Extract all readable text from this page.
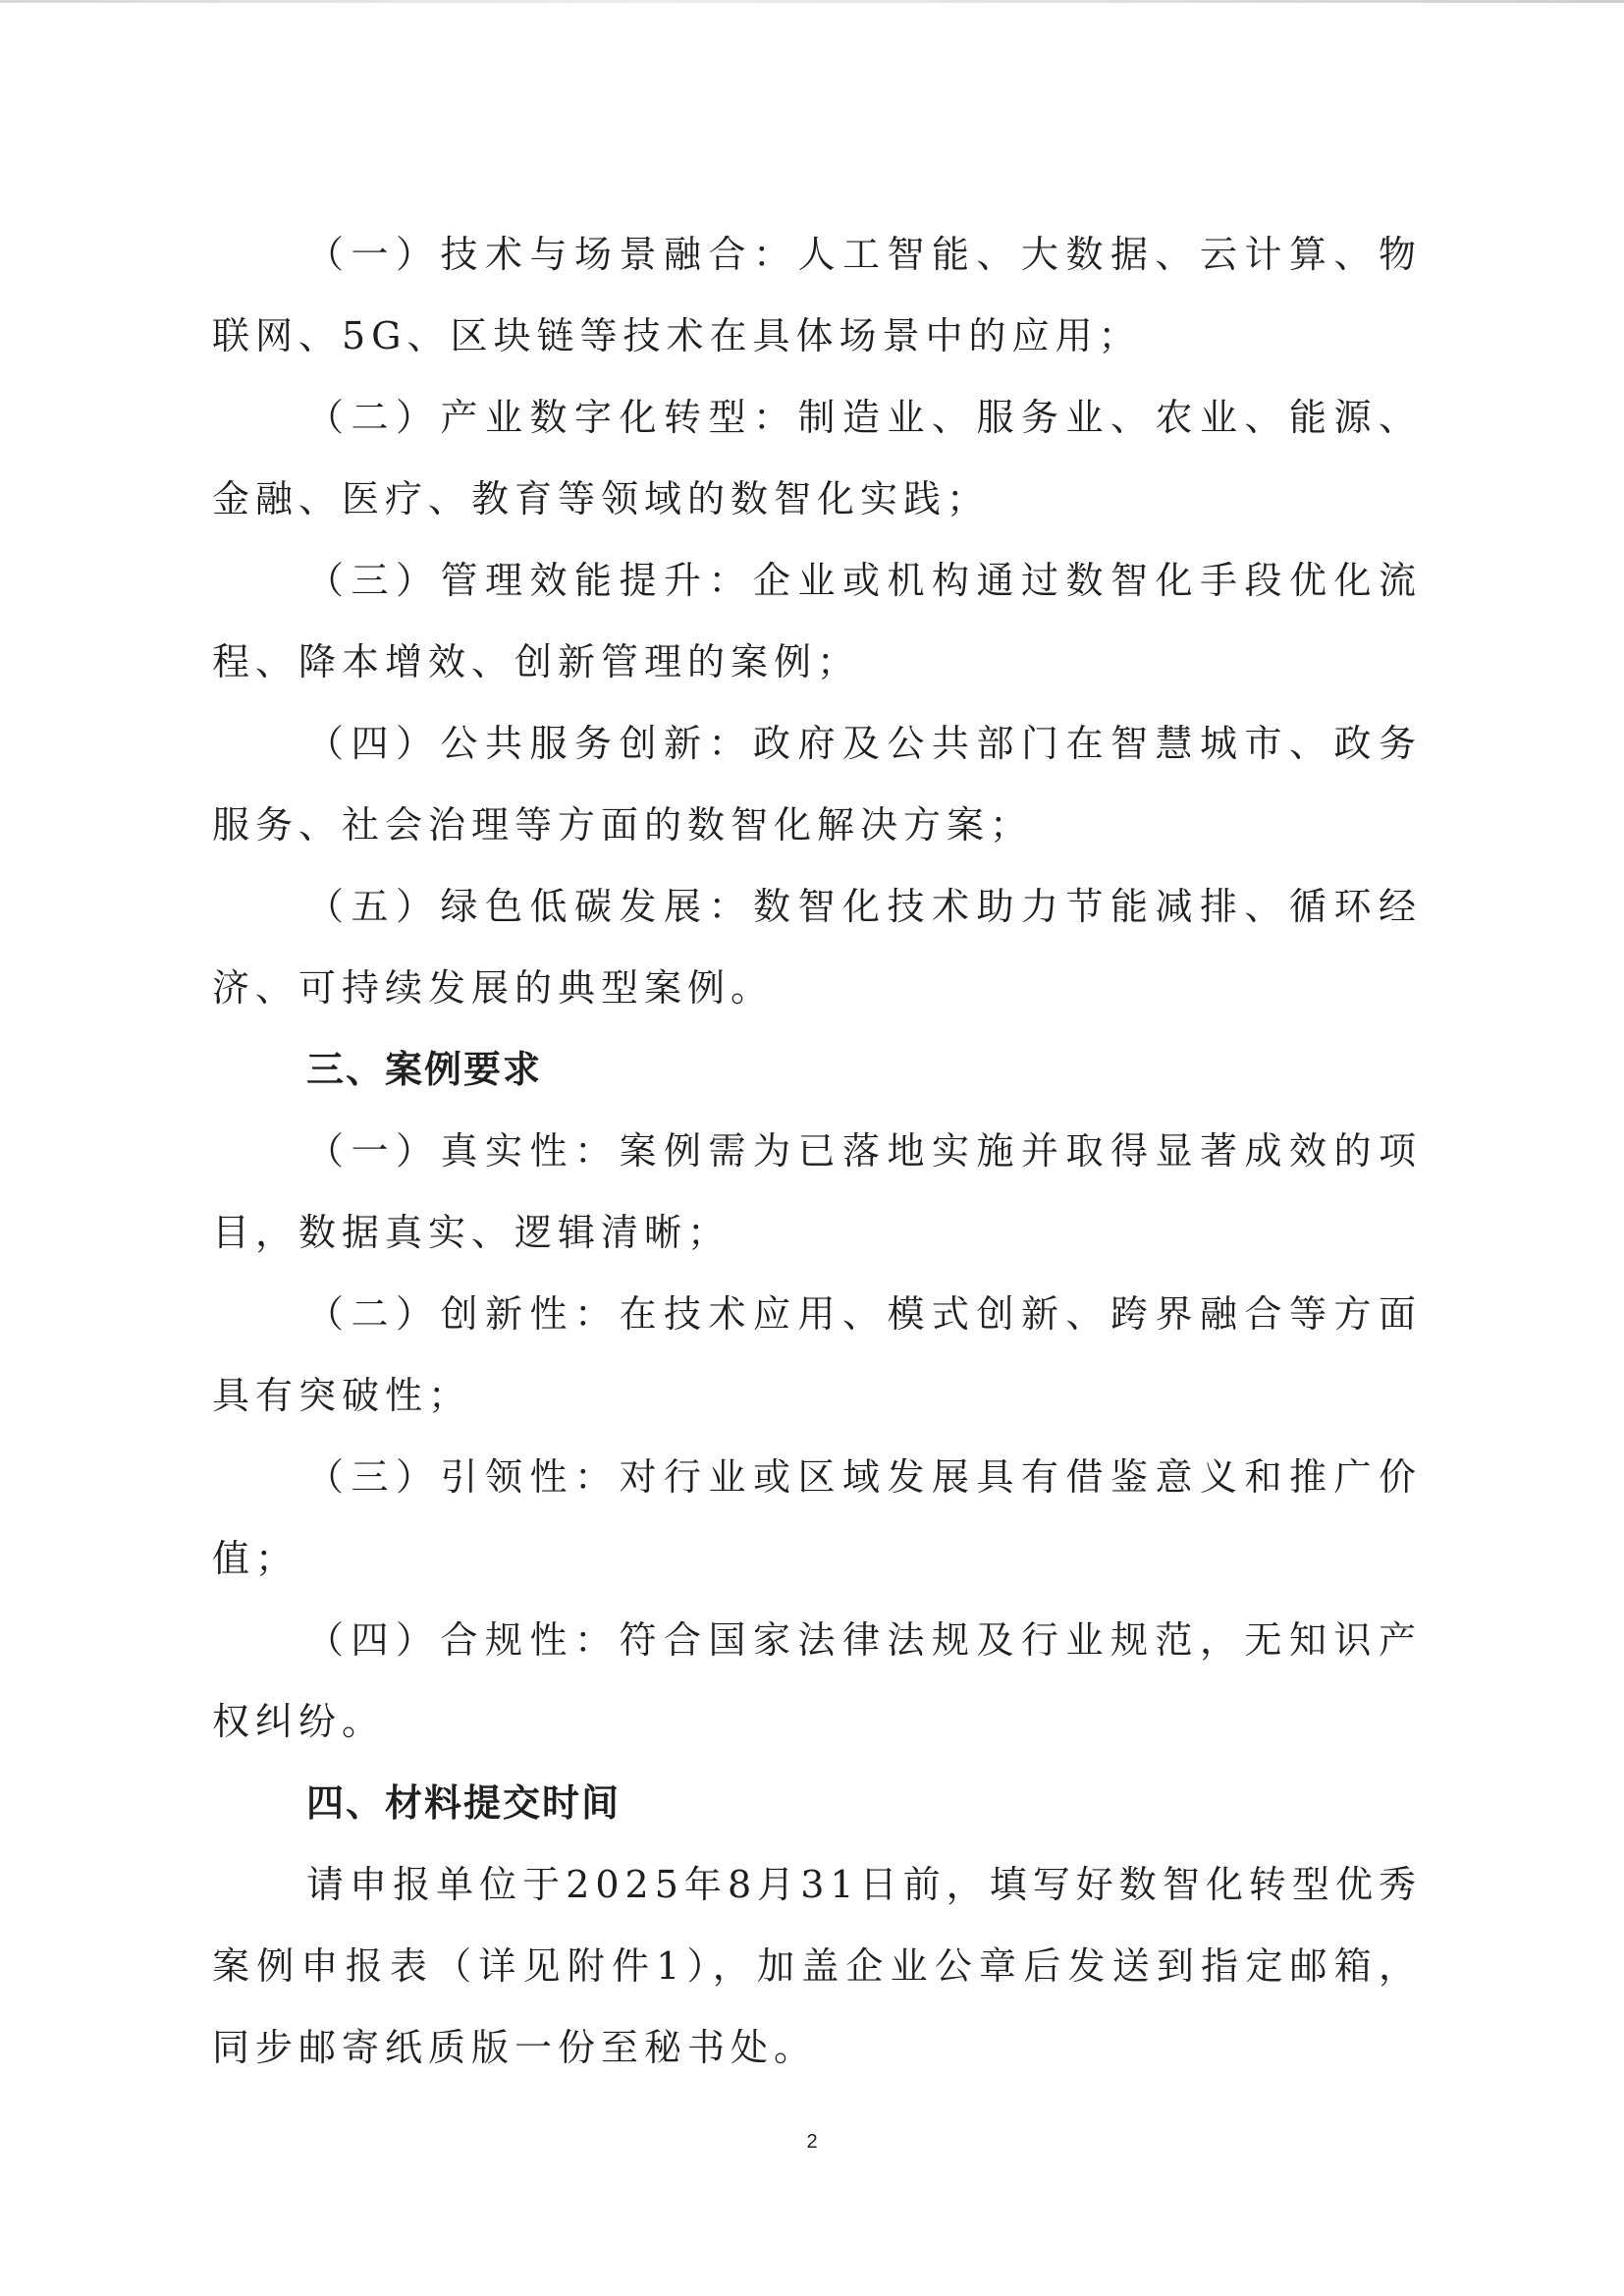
（一）技术与场景融合：人工智能、大数据、云计算、物联网、5G、区块链等技术在具体场景中的应用；

（二）产业数字化转型：制造业、服务业、农业、能源、金融、医疗、教育等领域的数智化实践；

（三）管理效能提升：企业或机构通过数智化手段优化流程、降本增效、创新管理的案例；

（四）公共服务创新：政府及公共部门在智慧城市、政务服务、社会治理等方面的数智化解决方案；

（五）绿色低碳发展：数智化技术助力节能减排、循环经济、可持续发展的典型案例。

三、案例要求

（一）真实性：案例需为已落地实施并取得显著成效的项目，数据真实、逻辑清晰；

（二）创新性：在技术应用、模式创新、跨界融合等方面具有突破性；

（三）引领性：对行业或区域发展具有借鉴意义和推广价值；

（四）合规性：符合国家法律法规及行业规范，无知识产权纠纷。

四、材料提交时间

请申报单位于2025年8月31日前，填写好数智化转型优秀案例申报表（详见附件1），加盖企业公章后发送到指定邮箱，同步邮寄纸质版一份至秘书处。

2
